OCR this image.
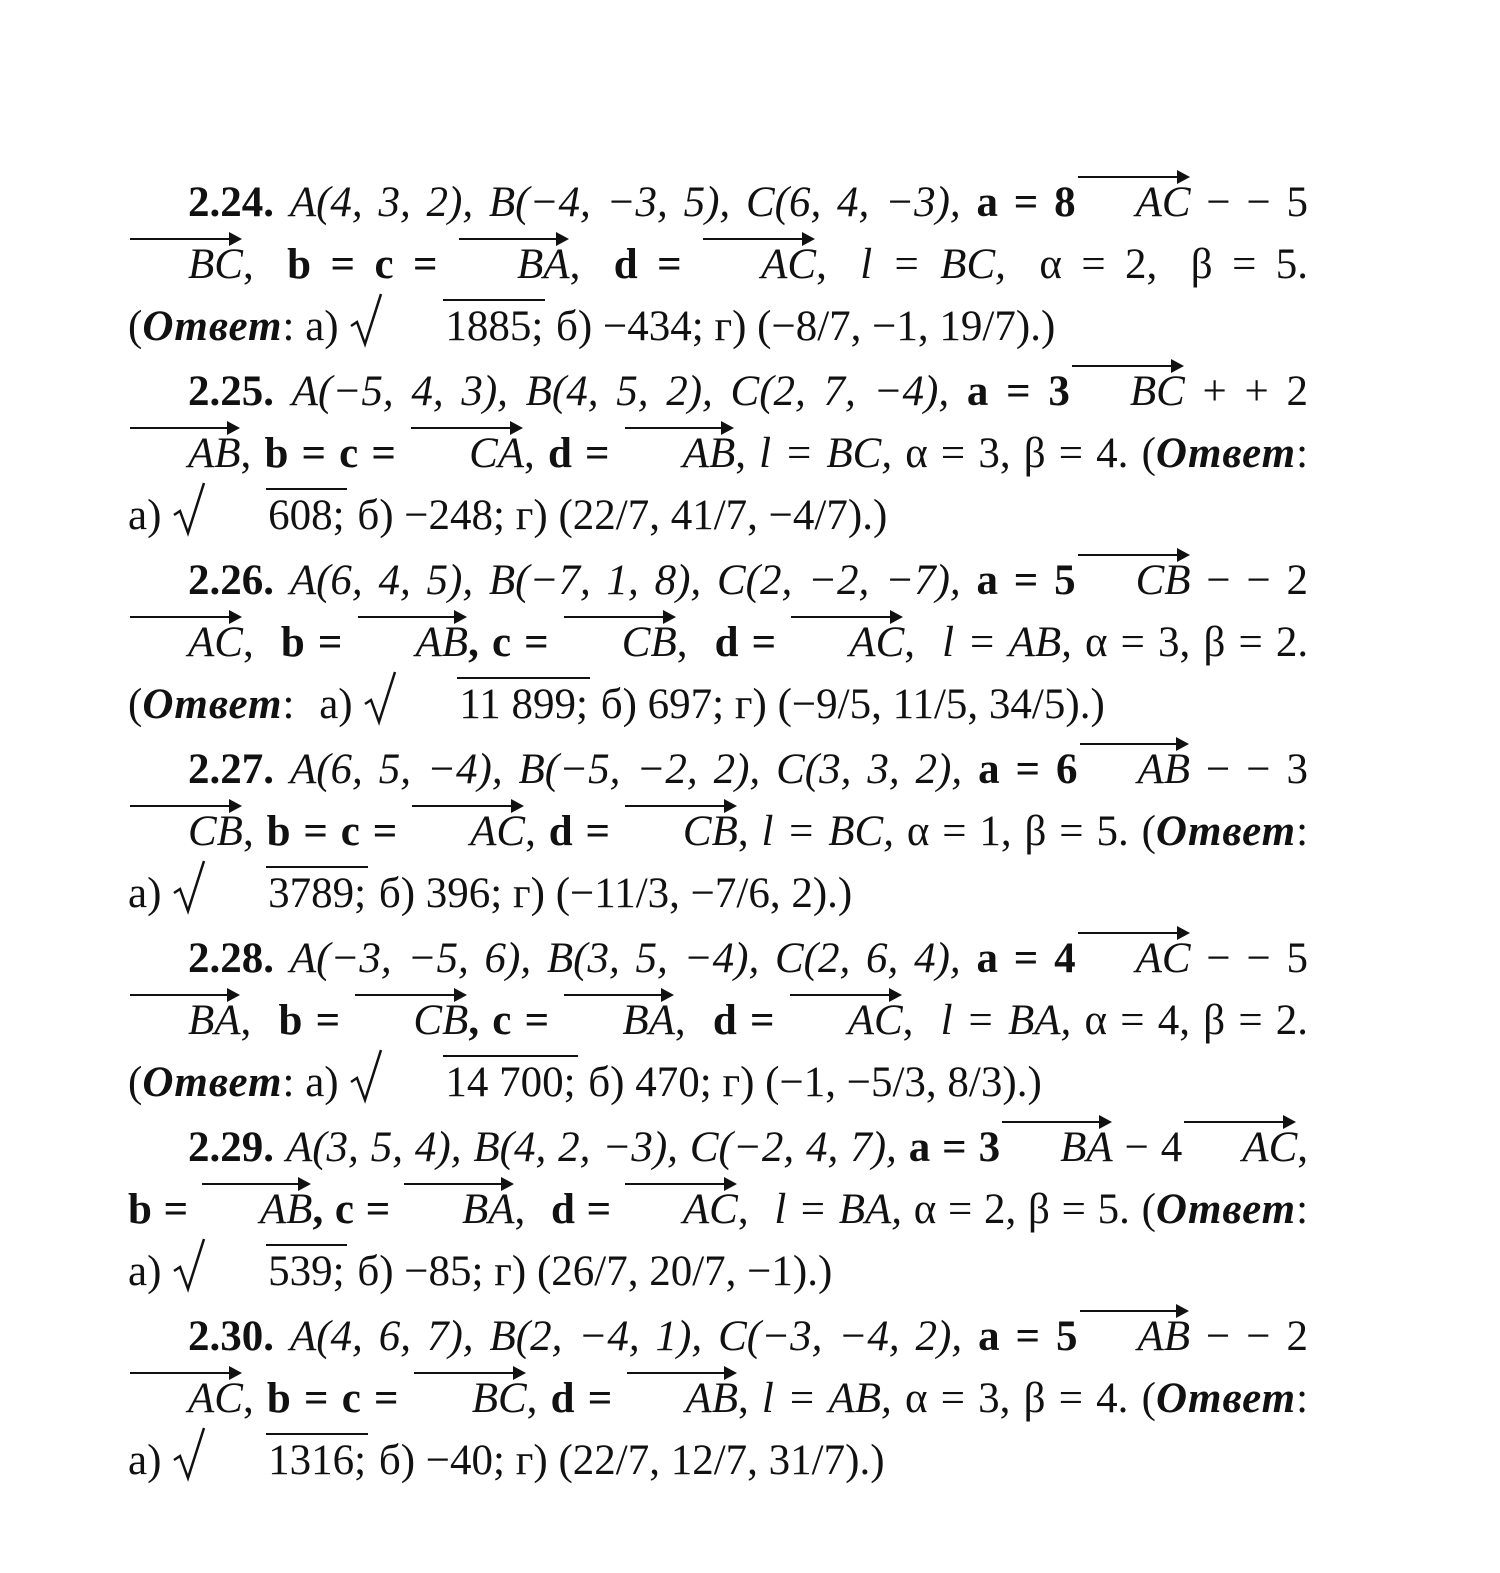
2.24. A(4, 3, 2), B(−4, −3, 5), C(6, 4, −3), a = 8 AC − − 5BC, b = c = BA, d = AC, l = BC, α = 2, β = 5. (Ответ: а) 1885; б) −434; г) (−8/7, −1, 19/7).)

2.25. A(−5, 4, 3), B(4, 5, 2), C(2, 7, −4), a = 3 BC + + 2AB, b = c = CA, d = AB, l = BC, α = 3, β = 4. (Ответ: а) 608; б) −248; г) (22/7, 41/7, −4/7).)

2.26. A(6, 4, 5), B(−7, 1, 8), C(2, −2, −7), a = 5 CB − − 2AC, b = AB, c = CB, d = AC, l = AB, α = 3, β = 2. (Ответ: а) 11 899; б) 697; г) (−9/5, 11/5, 34/5).)

2.27. A(6, 5, −4), B(−5, −2, 2), C(3, 3, 2), a = 6 AB − − 3CB, b = c = AC, d = CB, l = BC, α = 1, β = 5. (Ответ: а) 3789; б) 396; г) (−11/3, −7/6, 2).)

2.28. A(−3, −5, 6), B(3, 5, −4), C(2, 6, 4), a = 4 AC − − 5BA, b = CB, c = BA, d = AC, l = BA, α = 4, β = 2. (Ответ: а) 14 700; б) 470; г) (−1, −5/3, 8/3).)

2.29. A(3, 5, 4), B(4, 2, −3), C(−2, 4, 7), a = 3 BA − 4 AC, b = AB, c = BA, d = AC, l = BA, α = 2, β = 5. (Ответ: а) 539; б) −85; г) (26/7, 20/7, −1).)

2.30. A(4, 6, 7), B(2, −4, 1), C(−3, −4, 2), a = 5 AB − − 2AC, b = c = BC, d = AB, l = AB, α = 3, β = 4. (Ответ: а) 1316; б) −40; г) (22/7, 12/7, 31/7).)
